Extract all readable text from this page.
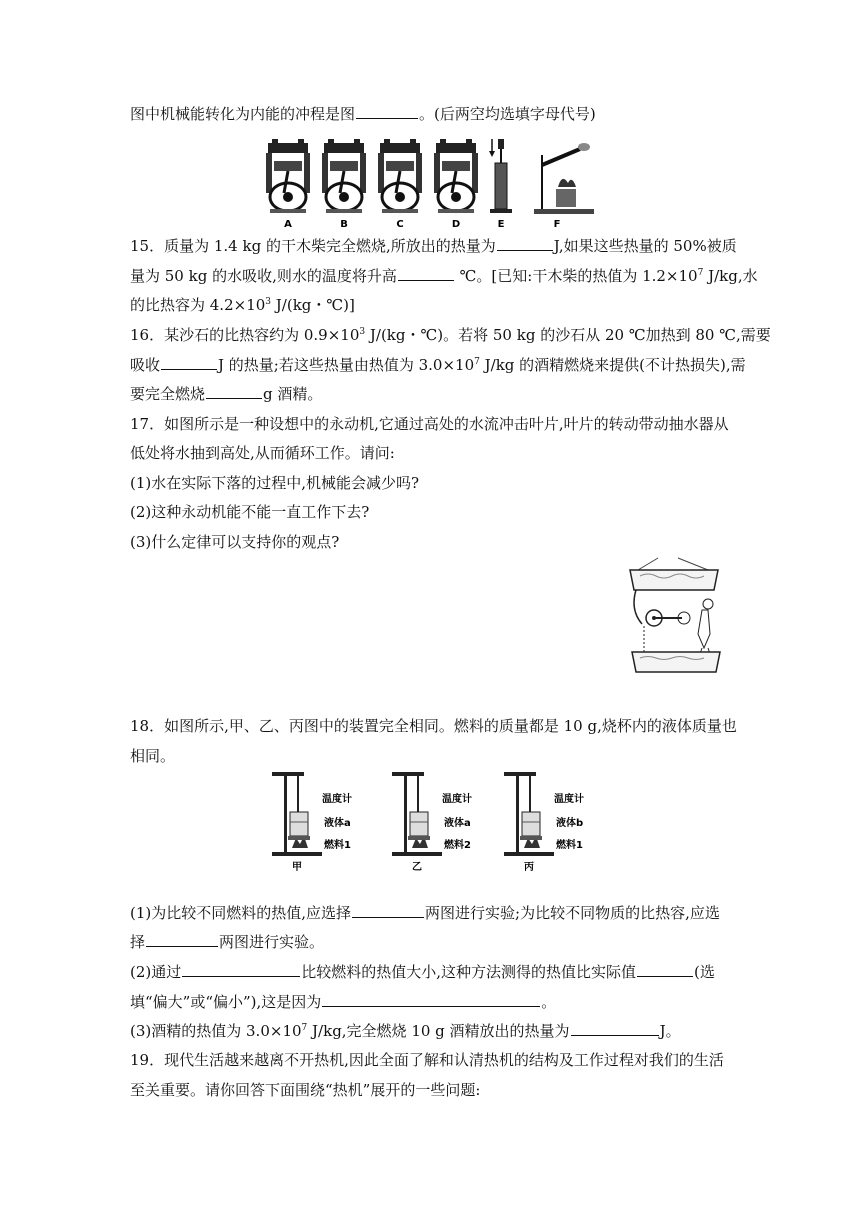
图中机械能转化为内能的冲程是图	。(后两空均选填字母代号)
A	B	C	D	E	F
15．质量为 1.4 kg 的干木柴完全燃烧,所放出的热量为	J,如果这些热量的 50%被质
量为 50 kg 的水吸收,则水的温度将升高	℃。[已知:干木柴的热值为 $1.2\times 10^7$ J/kg,水
的比热容为 $4.2\times 10^3$ J/(kg・℃)]
16．某沙石的比热容约为 $0.9\times 10^3$ J/(kg・℃)。若将 50 kg 的沙石从 20 ℃加热到 80 ℃,需要
吸收	J 的热量;若这些热量由热值为 $3.0\times 10^7$ J/kg 的酒精燃烧来提供(不计热损失),需
要完全燃烧	g 酒精。
17．如图所示是一种设想中的永动机,它通过高处的水流冲击叶片,叶片的转动带动抽水器从
低处将水抽到高处,从而循环工作。请问:
(1)水在实际下落的过程中,机械能会减少吗?
(2)这种永动机能不能一直工作下去?
(3)什么定律可以支持你的观点?
18．如图所示,甲、乙、丙图中的装置完全相同。燃料的质量都是 10 g,烧杯内的液体质量也
相同。
温度计
液体a
燃料1
甲
温度计
液体a
燃料2
乙
温度计
液体b
燃料1
丙
(1)为比较不同燃料的热值,应选择	两图进行实验;为比较不同物质的比热容,应选
择	两图进行实验。
(2)通过	比较燃料的热值大小,这种方法测得的热值比实际值	(选
填“偏大”或“偏小”),这是因为	。
(3)酒精的热值为 $3.0\times 10^7$ J/kg,完全燃烧 10 g 酒精放出的热量为	J。
19．现代生活越来越离不开热机,因此全面了解和认清热机的结构及工作过程对我们的生活
至关重要。请你回答下面围绕“热机”展开的一些问题:
